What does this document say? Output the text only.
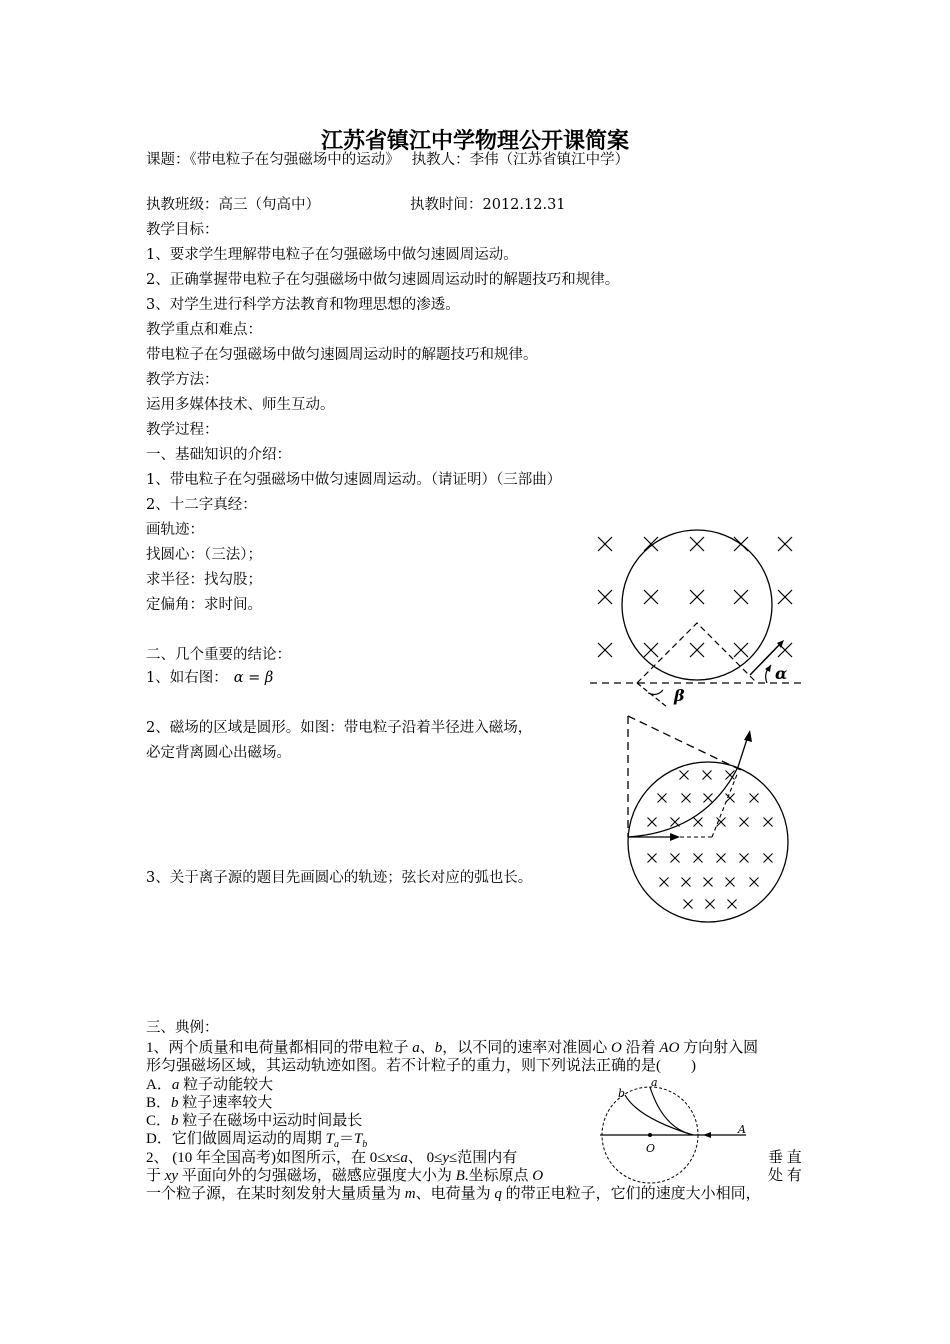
江苏省镇江中学物理公开课简案
课题：《带电粒子在匀强磁场中的运动》　 执教人：李伟（江苏省镇江中学）
执教班级：高三（句高中）	执教时间：2012.12.31
教学目标：
1、要求学生理解带电粒子在匀强磁场中做匀速圆周运动。
2、正确掌握带电粒子在匀强磁场中做匀速圆周运动时的解题技巧和规律。
3、对学生进行科学方法教育和物理思想的渗透。
教学重点和难点：
带电粒子在匀强磁场中做匀速圆周运动时的解题技巧和规律。
教学方法：
运用多媒体技术、师生互动。
教学过程：
一、基础知识的介绍：
1、带电粒子在匀强磁场中做匀速圆周运动。（请证明）（三部曲）
2、十二字真经：
画轨迹：
找圆心：（三法）；
求半径：找勾股；
定偏角：求时间。
二、几个重要的结论：
1、如右图： α = β
2、磁场的区域是圆形。如图：带电粒子沿着半径进入磁场，
必定背离圆心出磁场。
3、关于离子源的题目先画圆心的轨迹；弦长对应的弧也长。
三、典例：
1、两个质量和电荷量都相同的带电粒子 a、b，以不同的速率对准圆心 O 沿着 AO 方向射入圆
形匀强磁场区域，其运动轨迹如图。若不计粒子的重力，则下列说法正确的是(　　)
A．a 粒子动能较大
B．b 粒子速率较大
C．b 粒子在磁场中运动时间最长
D．它们做圆周运动的周期 $T_a=T_b$
2、 (10 年全国高考)如图所示，在 0≤x≤a、 0≤y≤范围内有	垂 直
于 xy 平面向外的匀强磁场，磁感应强度大小为 B.坐标原点 O	处 有
一个粒子源，在某时刻发射大量质量为 m、电荷量为 q 的带正电粒子，它们的速度大小相同，
α
β
O
A
a
b
